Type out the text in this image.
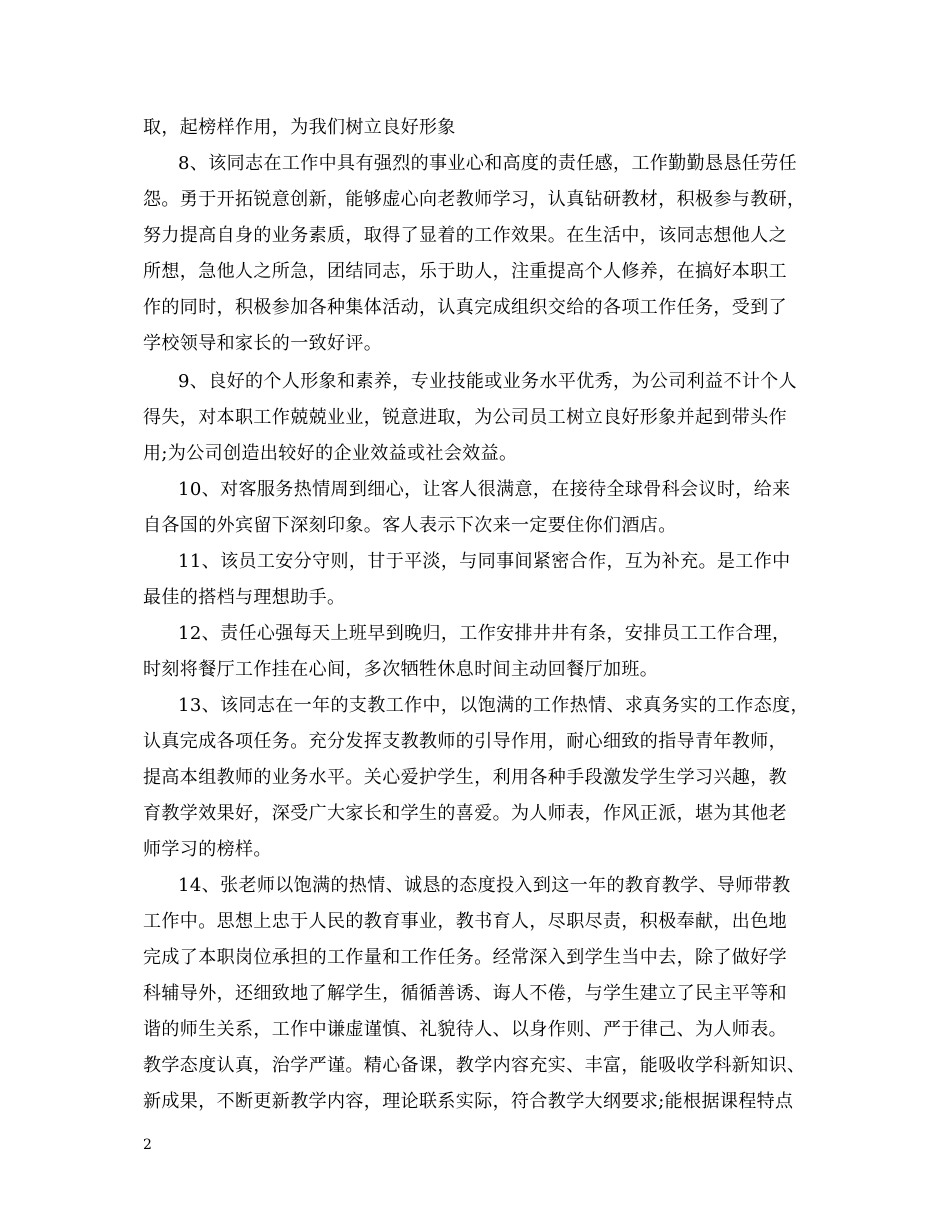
取，起榜样作用，为我们树立良好形象
8、该同志在工作中具有强烈的事业心和高度的责任感，工作勤勤恳恳任劳任
怨。勇于开拓锐意创新，能够虚心向老教师学习，认真钻研教材，积极参与教研，
努力提高自身的业务素质，取得了显着的工作效果。在生活中，该同志想他人之
所想，急他人之所急，团结同志，乐于助人，注重提高个人修养，在搞好本职工
作的同时，积极参加各种集体活动，认真完成组织交给的各项工作任务，受到了
学校领导和家长的一致好评。
9、良好的个人形象和素养，专业技能或业务水平优秀，为公司利益不计个人
得失，对本职工作兢兢业业，锐意进取，为公司员工树立良好形象并起到带头作
用;为公司创造出较好的企业效益或社会效益。
10、对客服务热情周到细心，让客人很满意，在接待全球骨科会议时，给来
自各国的外宾留下深刻印象。客人表示下次来一定要住你们酒店。
11、该员工安分守则，甘于平淡，与同事间紧密合作，互为补充。是工作中
最佳的搭档与理想助手。
12、责任心强每天上班早到晚归，工作安排井井有条，安排员工工作合理，
时刻将餐厅工作挂在心间，多次牺牲休息时间主动回餐厅加班。
13、该同志在一年的支教工作中，以饱满的工作热情、求真务实的工作态度，
认真完成各项任务。充分发挥支教教师的引导作用，耐心细致的指导青年教师，
提高本组教师的业务水平。关心爱护学生，利用各种手段激发学生学习兴趣，教
育教学效果好，深受广大家长和学生的喜爱。为人师表，作风正派，堪为其他老
师学习的榜样。
14、张老师以饱满的热情、诚恳的态度投入到这一年的教育教学、导师带教
工作中。思想上忠于人民的教育事业，教书育人，尽职尽责，积极奉献，出色地
完成了本职岗位承担的工作量和工作任务。经常深入到学生当中去，除了做好学
科辅导外，还细致地了解学生，循循善诱、诲人不倦，与学生建立了民主平等和
谐的师生关系，工作中谦虚谨慎、礼貌待人、以身作则、严于律己、为人师表。
教学态度认真，治学严谨。精心备课，教学内容充实、丰富，能吸收学科新知识、
新成果，不断更新教学内容，理论联系实际，符合教学大纲要求;能根据课程特点
2
